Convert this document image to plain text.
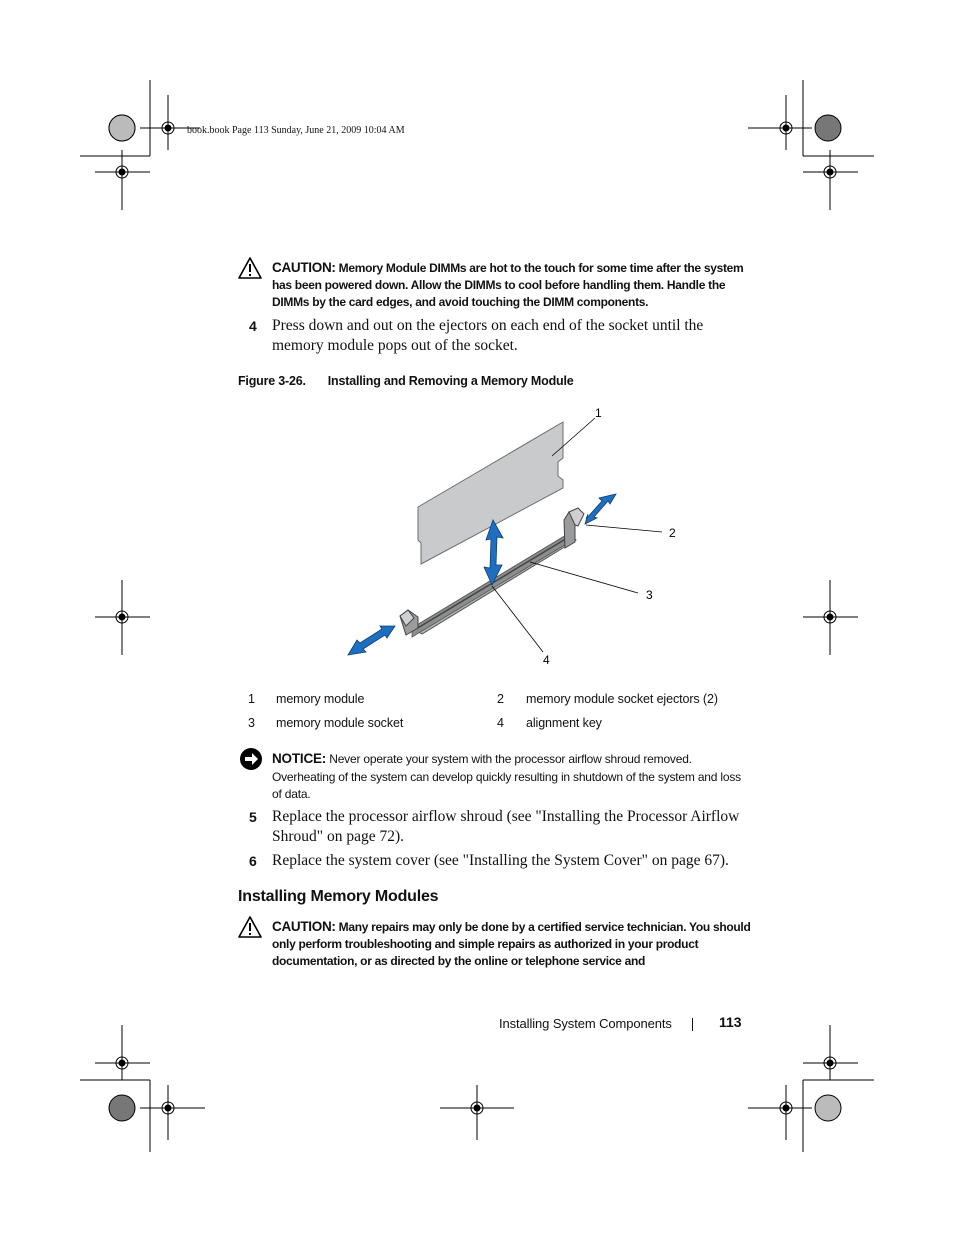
book.book Page 113 Sunday, June 21, 2009 10:04 AM
CAUTION: Memory Module DIMMs are hot to the touch for some time after the system has been powered down. Allow the DIMMs to cool before handling them. Handle the DIMMs by the card edges, and avoid touching the DIMM components.
4 Press down and out on the ejectors on each end of the socket until the memory module pops out of the socket.
Figure 3-26. Installing and Removing a Memory Module
1
2
3
4
1 memory module	2 memory module socket ejectors (2)
3 memory module socket	4 alignment key
NOTICE: Never operate your system with the processor airflow shroud removed. Overheating of the system can develop quickly resulting in shutdown of the system and loss of data.
5 Replace the processor airflow shroud (see "Installing the Processor Airflow Shroud" on page 72).
6 Replace the system cover (see "Installing the System Cover" on page 67).
Installing Memory Modules
CAUTION: Many repairs may only be done by a certified service technician. You should only perform troubleshooting and simple repairs as authorized in your product documentation, or as directed by the online or telephone service and
Installing System Components	113
